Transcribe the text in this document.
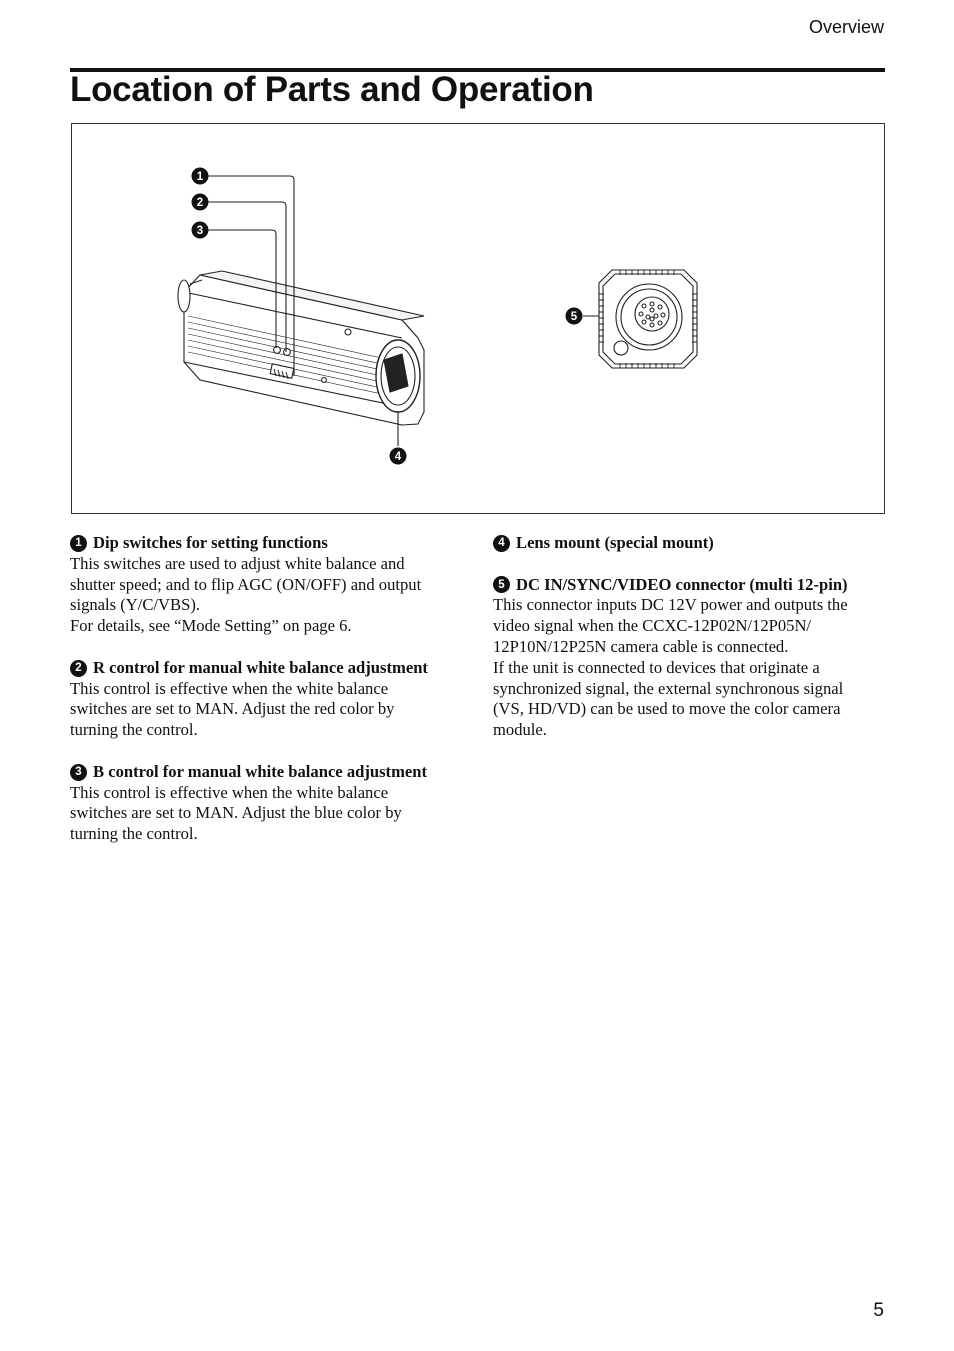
Overview
Location of Parts and Operation
1
2
3
4
5
1 Dip switches for setting functions
This switches are used to adjust white balance and
shutter speed; and to flip AGC (ON/OFF) and output
signals (Y/C/VBS).
For details, see “Mode Setting” on page 6.
2 R control for manual white balance adjustment
This control is effective when the white balance
switches are set to MAN. Adjust the red color by
turning the control.
3 B control for manual white balance adjustment
This control is effective when the white balance
switches are set to MAN. Adjust the blue color by
turning the control.
4 Lens mount (special mount)
5 DC IN/SYNC/VIDEO connector (multi 12-pin)
This connector inputs DC 12V power and outputs the
video signal when the CCXC-12P02N/12P05N/
12P10N/12P25N camera cable is connected.
If the unit is connected to devices that originate a
synchronized signal, the external synchronous signal
(VS, HD/VD) can be used to move the color camera
module.
5
